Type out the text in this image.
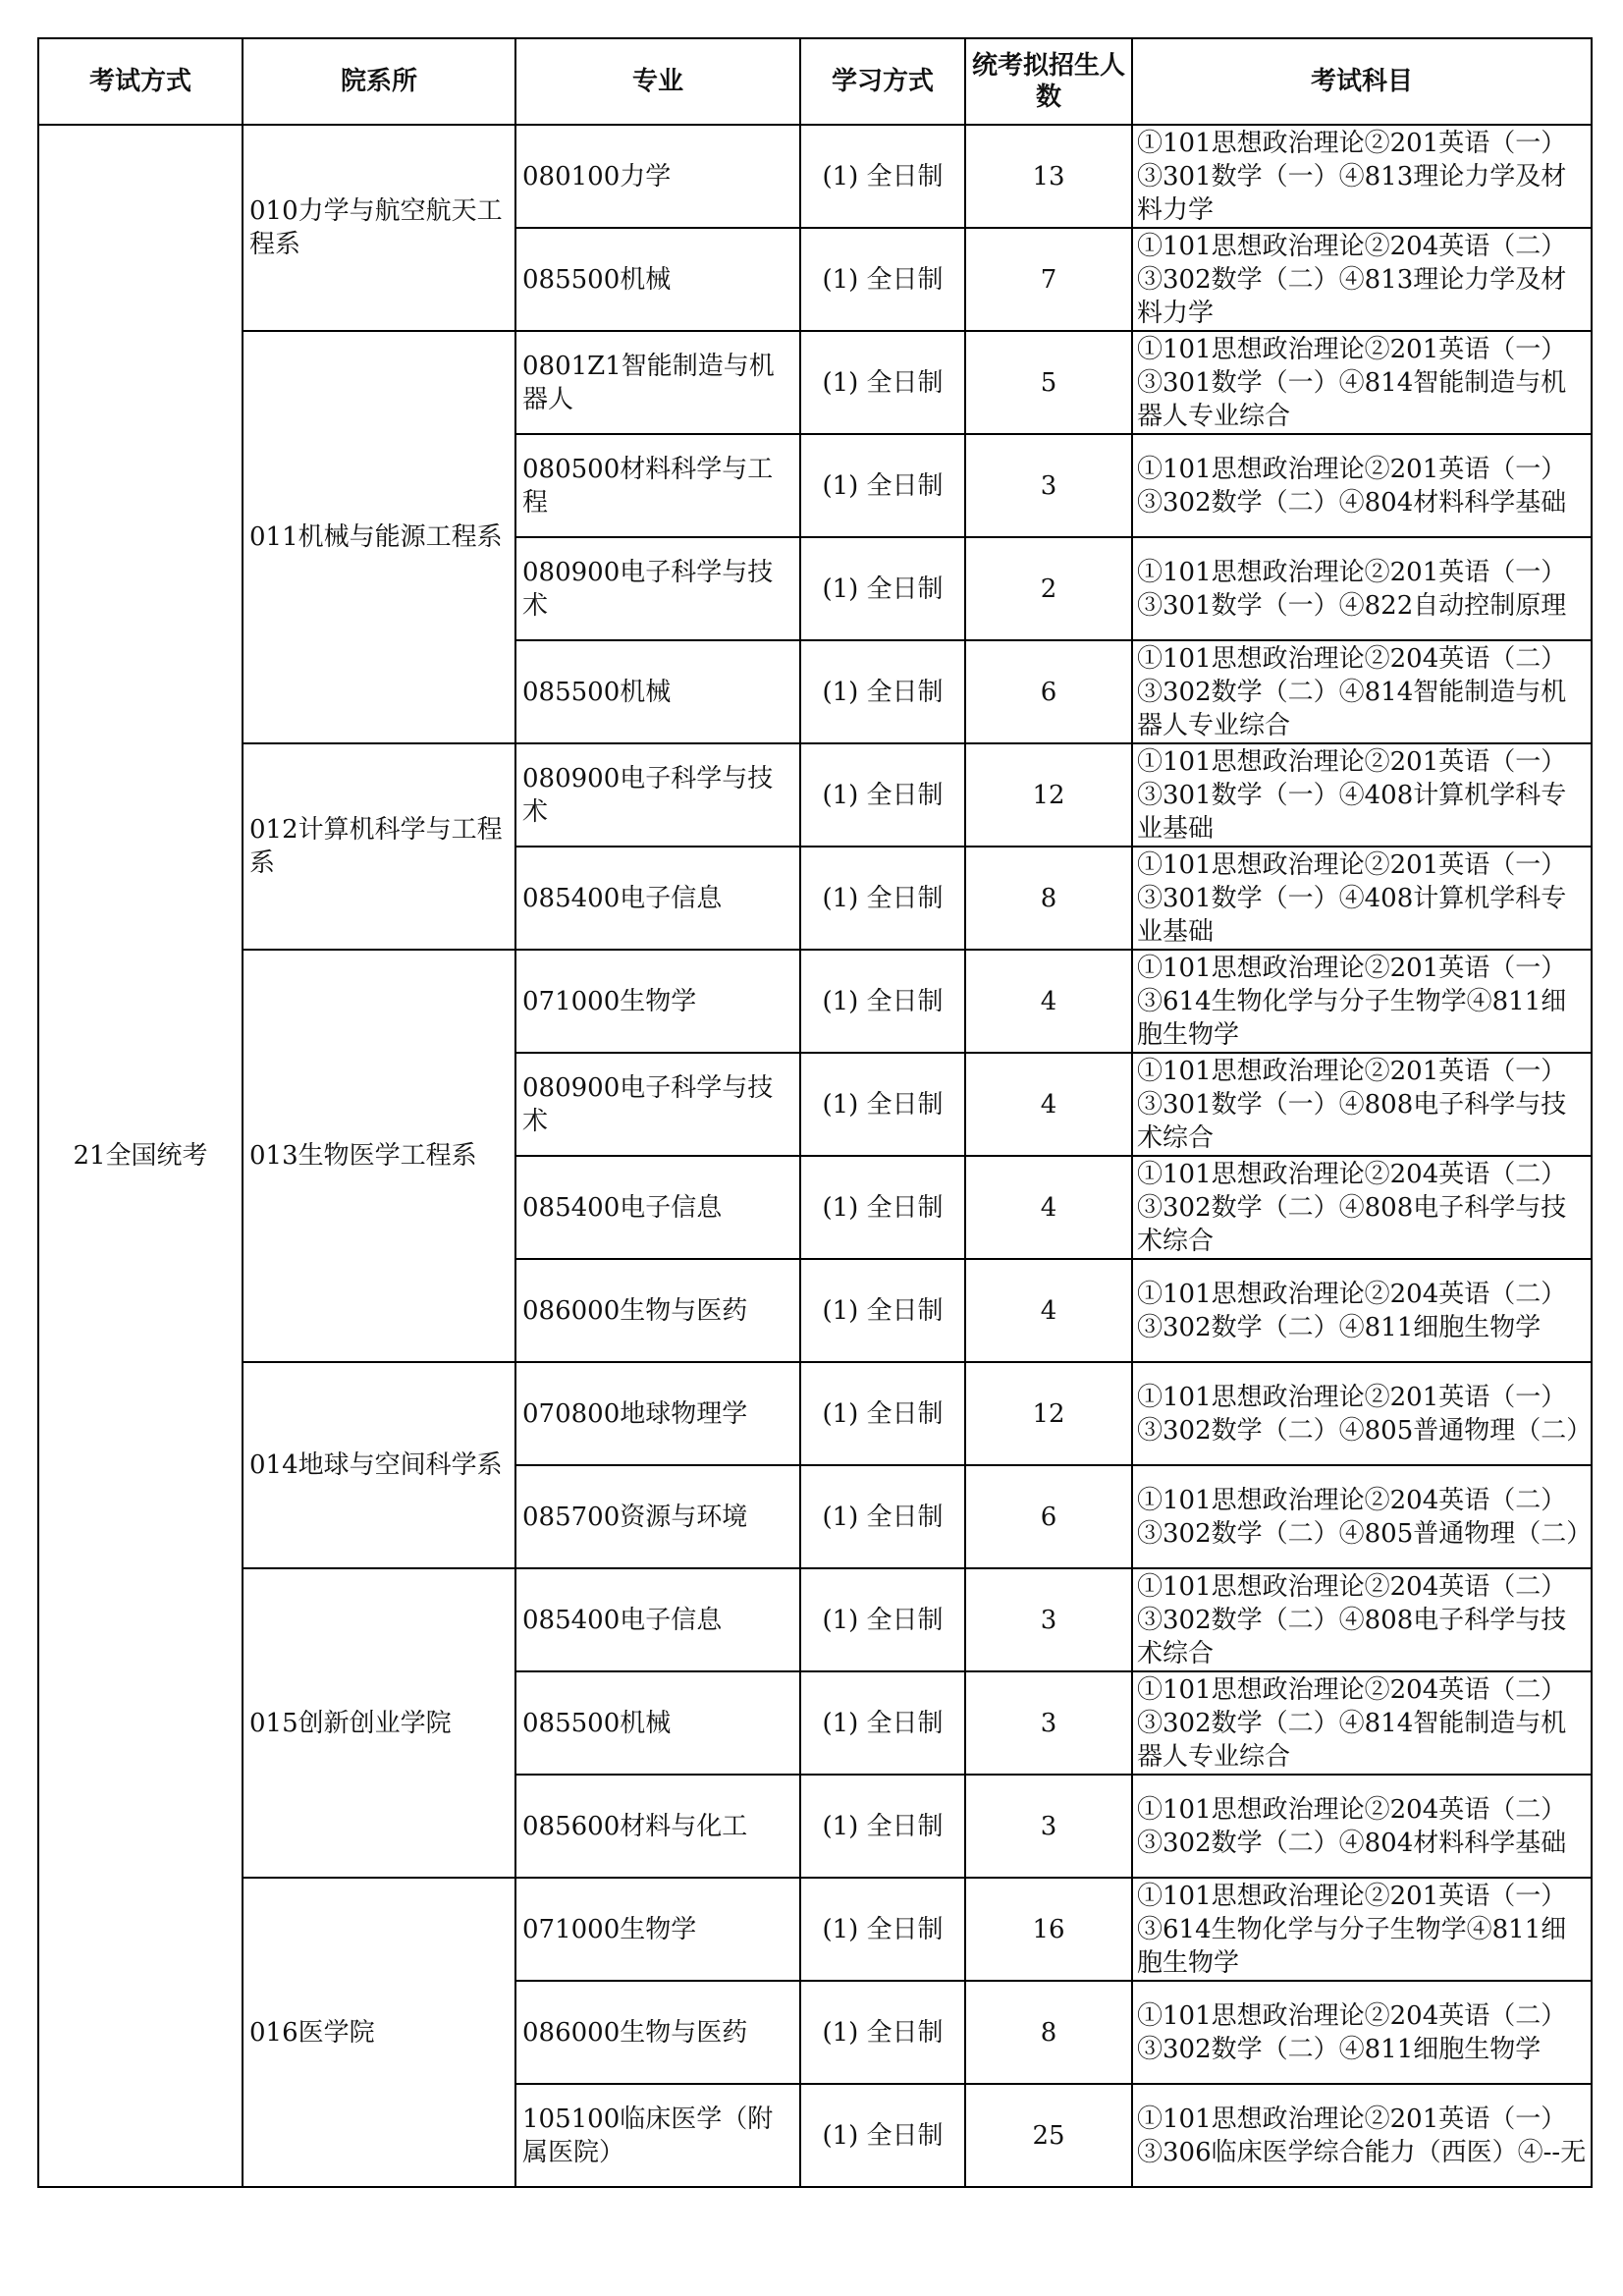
考试方式	院系所	专业	学习方式	统考拟招生人数	考试科目
21全国统考	010力学与航空航天工程系	080100力学	(1) 全日制	13	①101思想政治理论②201英语（一）③301数学（一）④813理论力学及材料力学
		085500机械	(1) 全日制	7	①101思想政治理论②204英语（二）③302数学（二）④813理论力学及材料力学
	011机械与能源工程系	0801Z1智能制造与机器人	(1) 全日制	5	①101思想政治理论②201英语（一）③301数学（一）④814智能制造与机器人专业综合
		080500材料科学与工程	(1) 全日制	3	①101思想政治理论②201英语（一）③302数学（二）④804材料科学基础
		080900电子科学与技术	(1) 全日制	2	①101思想政治理论②201英语（一）③301数学（一）④822自动控制原理
		085500机械	(1) 全日制	6	①101思想政治理论②204英语（二）③302数学（二）④814智能制造与机器人专业综合
	012计算机科学与工程系	080900电子科学与技术	(1) 全日制	12	①101思想政治理论②201英语（一）③301数学（一）④408计算机学科专业基础
		085400电子信息	(1) 全日制	8	①101思想政治理论②201英语（一）③301数学（一）④408计算机学科专业基础
	013生物医学工程系	071000生物学	(1) 全日制	4	①101思想政治理论②201英语（一）③614生物化学与分子生物学④811细胞生物学
		080900电子科学与技术	(1) 全日制	4	①101思想政治理论②201英语（一）③301数学（一）④808电子科学与技术综合
		085400电子信息	(1) 全日制	4	①101思想政治理论②204英语（二）③302数学（二）④808电子科学与技术综合
		086000生物与医药	(1) 全日制	4	①101思想政治理论②204英语（二）③302数学（二）④811细胞生物学
	014地球与空间科学系	070800地球物理学	(1) 全日制	12	①101思想政治理论②201英语（一）③302数学（二）④805普通物理（二）
		085700资源与环境	(1) 全日制	6	①101思想政治理论②204英语（二）③302数学（二）④805普通物理（二）
	015创新创业学院	085400电子信息	(1) 全日制	3	①101思想政治理论②204英语（二）③302数学（二）④808电子科学与技术综合
		085500机械	(1) 全日制	3	①101思想政治理论②204英语（二）③302数学（二）④814智能制造与机器人专业综合
		085600材料与化工	(1) 全日制	3	①101思想政治理论②204英语（二）③302数学（二）④804材料科学基础
	016医学院	071000生物学	(1) 全日制	16	①101思想政治理论②201英语（一）③614生物化学与分子生物学④811细胞生物学
		086000生物与医药	(1) 全日制	8	①101思想政治理论②204英语（二）③302数学（二）④811细胞生物学
		105100临床医学（附属医院）	(1) 全日制	25	①101思想政治理论②201英语（一）③306临床医学综合能力（西医）④--无
